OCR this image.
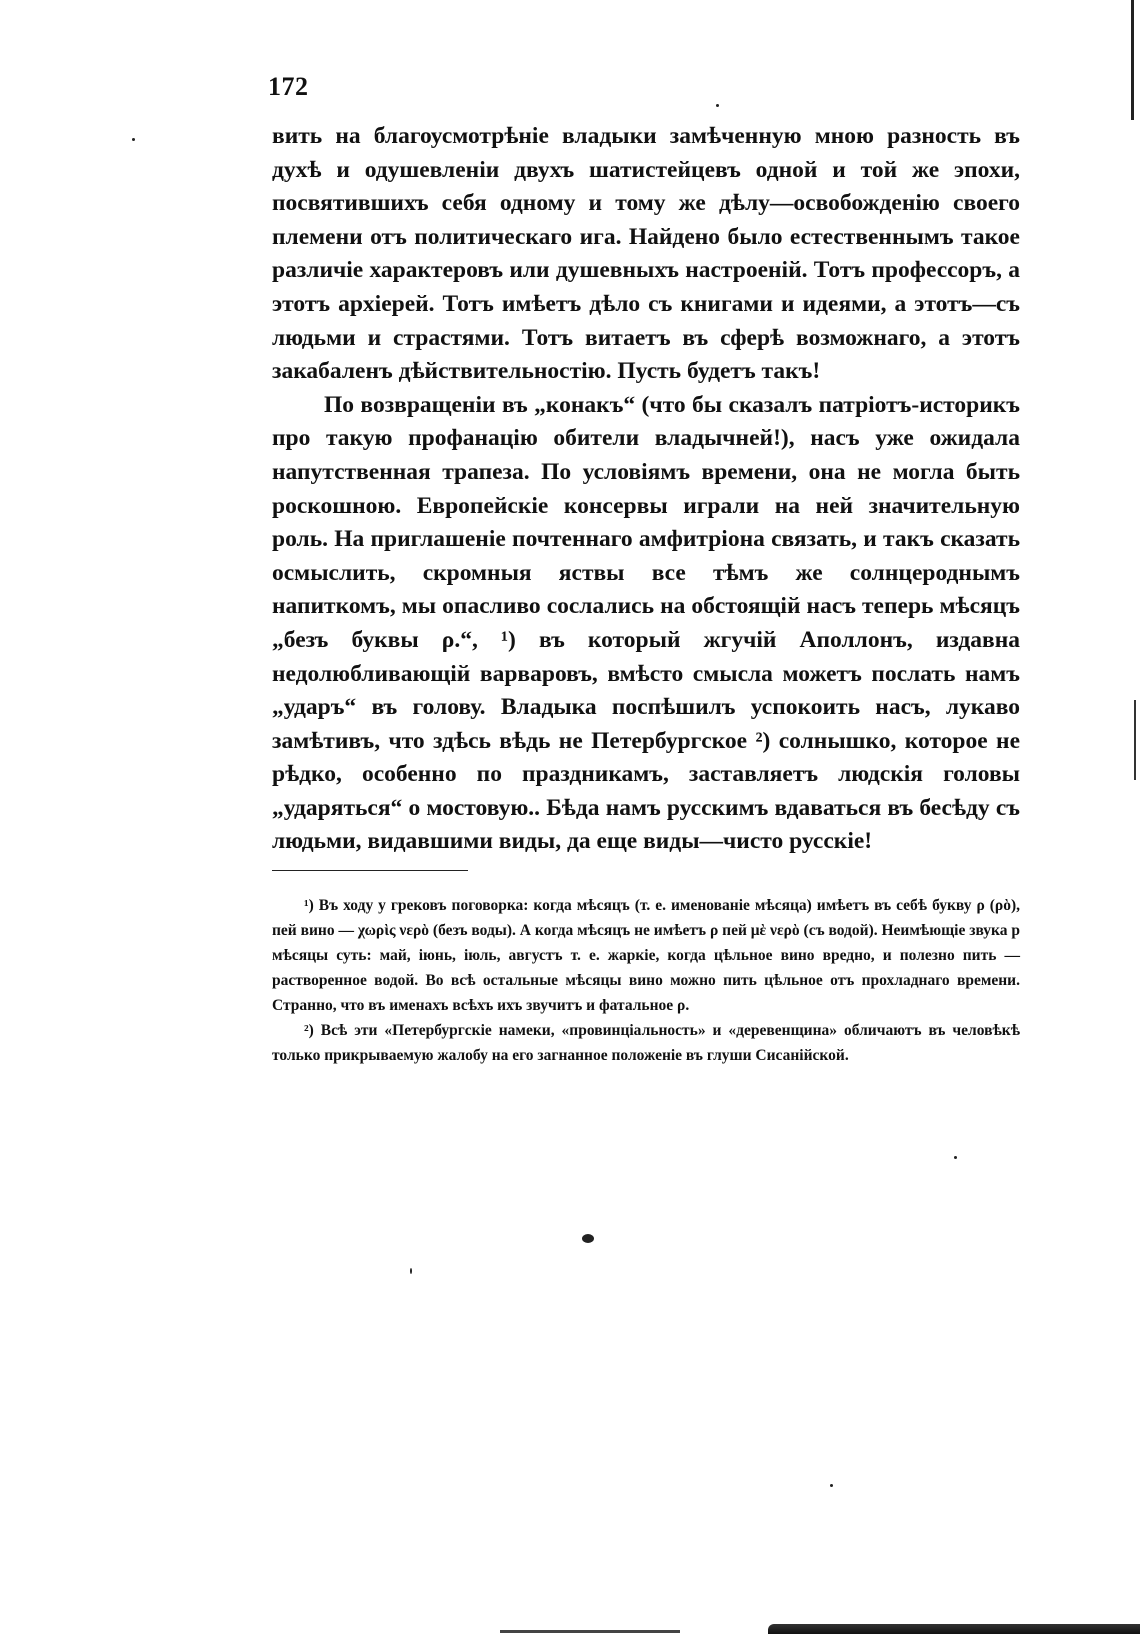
172

вить на благоусмотрѣніе владыки замѣченную мною разность въ духѣ и одушевленіи двухъ шатистейцевъ одной и той же эпохи, посвятившихъ себя одному и тому же дѣлу—освобожденію своего племени отъ политическаго ига. Найдено было естественнымъ такое различіе характеровъ или душевныхъ настроеній. Тотъ профессоръ, а этотъ архіерей. Тотъ имѣетъ дѣло съ книгами и идеями, а этотъ—съ людьми и страстями. Тотъ витаетъ въ сферѣ возможнаго, а этотъ закабаленъ дѣйствительностію. Пусть будетъ такъ!

По возвращеніи въ „конакъ“ (что бы сказалъ патріотъ-историкъ про такую профанацію обители владычней!), насъ уже ожидала напутственная трапеза. По условіямъ времени, она не могла быть роскошною. Европейскіе консервы играли на ней значительную роль. На приглашеніе почтеннаго амфитріона связать, и такъ сказать осмыслить, скромныя яствы все тѣмъ же солнцероднымъ напиткомъ, мы опасливо сослались на обстоящій насъ теперь мѣсяцъ „безъ буквы ρ.“, ¹) въ который жгучій Аполлонъ, издавна недолюбливающій варваровъ, вмѣсто смысла можетъ послать намъ „ударъ“ въ голову. Владыка поспѣшилъ успокоить насъ, лукаво замѣтивъ, что здѣсь вѣдь не Петербургское ²) солнышко, которое не рѣдко, особенно по праздникамъ, заставляетъ людскія головы „ударяться“ о мостовую.. Бѣда намъ русскимъ вдаваться въ бесѣду съ людьми, видавшими виды, да еще виды—чисто русскіе!

¹) Въ ходу у грековъ поговорка: когда мѣсяцъ (т. е. именованіе мѣсяца) имѣетъ въ себѣ букву ρ (ρὸ), пей вино — χωρὶς νερὸ (безъ воды). А когда мѣсяцъ не имѣетъ ρ пей μὲ νερὸ (съ водой). Неимѣющіе звука p мѣсяцы суть: май, іюнь, іюль, августъ т. е. жаркіе, когда цѣльное вино вредно, и полезно пить — растворенное водой. Во всѣ остальные мѣсяцы вино можно пить цѣльное отъ прохладнаго времени. Странно, что въ именахъ всѣхъ ихъ звучитъ и фатальное ρ.

²) Всѣ эти «Петербургскіе намеки, «провинціальность» и «деревенщина» обличаютъ въ человѣкѣ только прикрываемую жалобу на его загнанное положеніе въ глуши Сисанійской.
